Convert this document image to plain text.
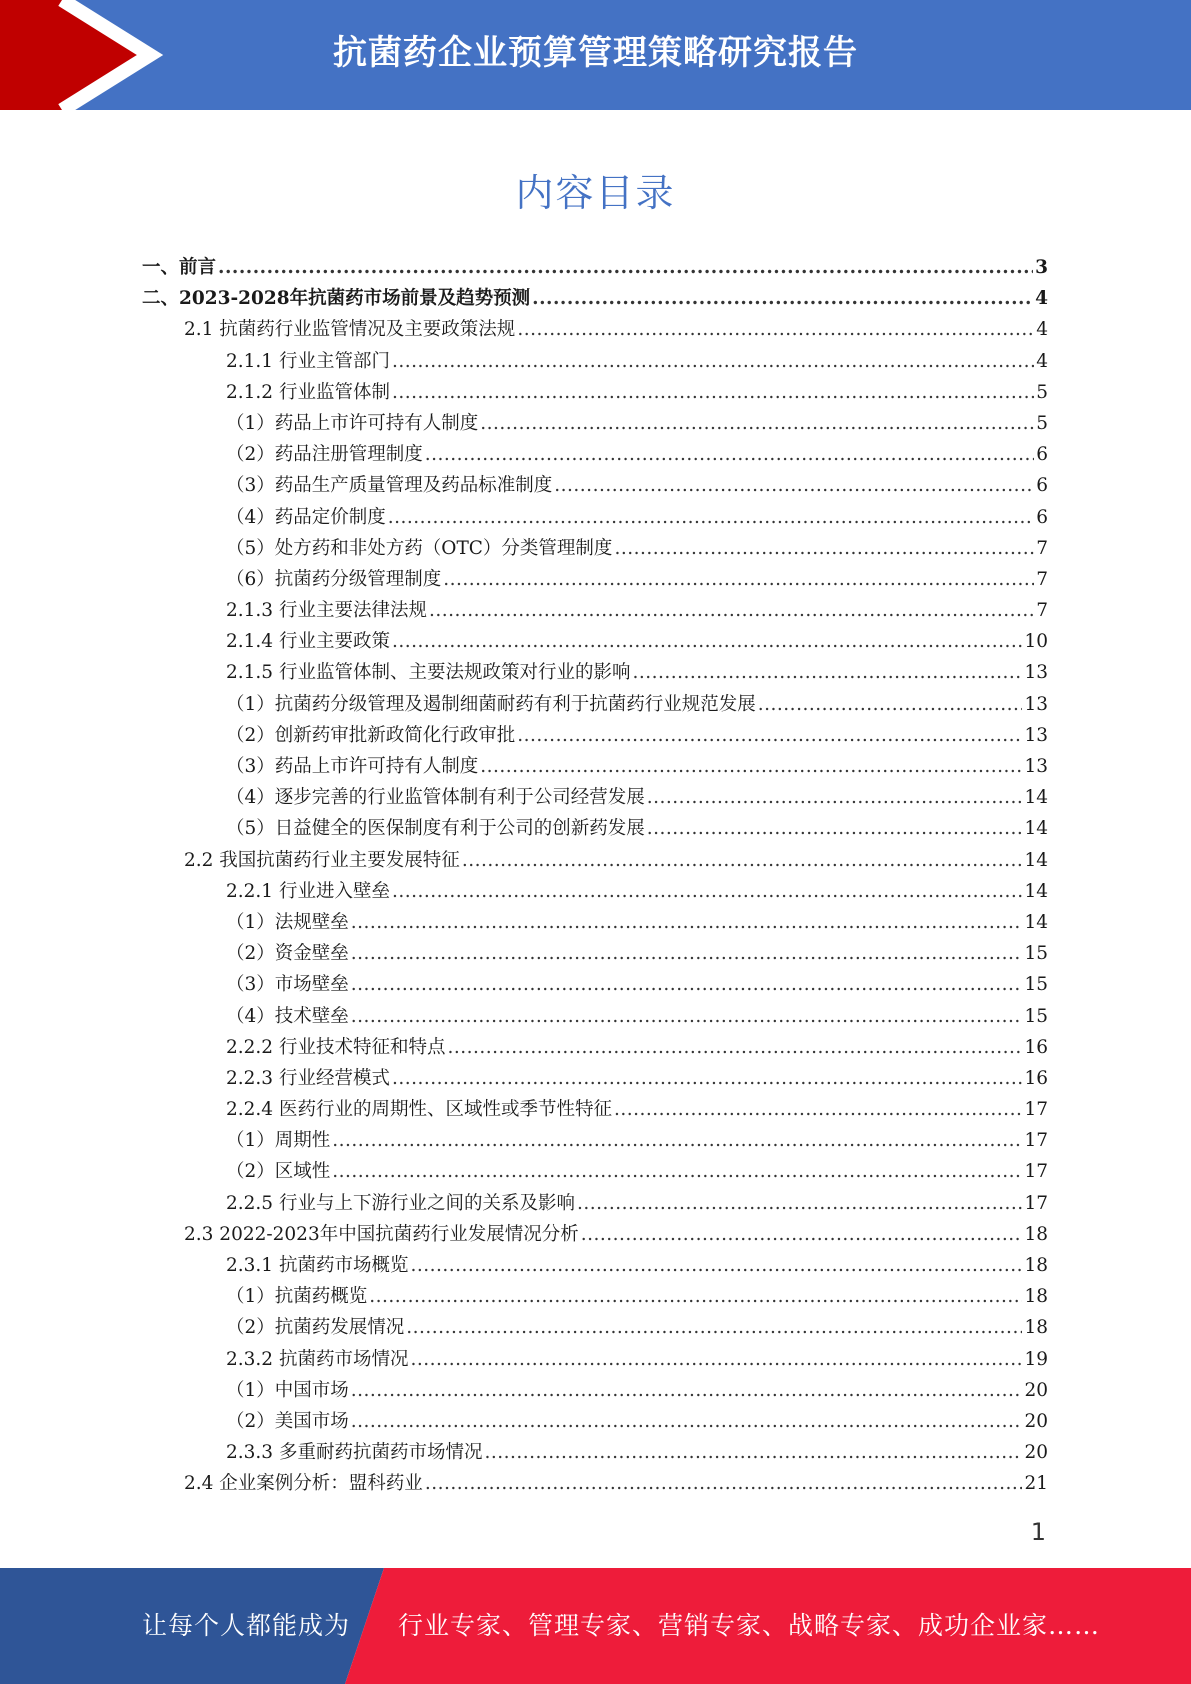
抗菌药企业预算管理策略研究报告
内容目录
一、前言 .....	3
二、2023-2028年抗菌药市场前景及趋势预测 .....	4
2.1 抗菌药行业监管情况及主要政策法规 .....	4
2.1.1 行业主管部门 .....	4
2.1.2 行业监管体制 .....	5
（1）药品上市许可持有人制度 .....	5
（2）药品注册管理制度 .....	6
（3）药品生产质量管理及药品标准制度 .....	6
（4）药品定价制度 .....	6
（5）处方药和非处方药（OTC）分类管理制度 .....	7
（6）抗菌药分级管理制度 .....	7
2.1.3 行业主要法律法规 .....	7
2.1.4 行业主要政策 .....	10
2.1.5 行业监管体制、主要法规政策对行业的影响 .....	13
（1）抗菌药分级管理及遏制细菌耐药有利于抗菌药行业规范发展 .....	13
（2）创新药审批新政简化行政审批 .....	13
（3）药品上市许可持有人制度 .....	13
（4）逐步完善的行业监管体制有利于公司经营发展 .....	14
（5）日益健全的医保制度有利于公司的创新药发展 .....	14
2.2 我国抗菌药行业主要发展特征 .....	14
2.2.1 行业进入壁垒 .....	14
（1）法规壁垒 .....	14
（2）资金壁垒 .....	15
（3）市场壁垒 .....	15
（4）技术壁垒 .....	15
2.2.2 行业技术特征和特点 .....	16
2.2.3 行业经营模式 .....	16
2.2.4 医药行业的周期性、区域性或季节性特征 .....	17
（1）周期性 .....	17
（2）区域性 .....	17
2.2.5 行业与上下游行业之间的关系及影响 .....	17
2.3 2022-2023年中国抗菌药行业发展情况分析 .....	18
2.3.1 抗菌药市场概览 .....	18
（1）抗菌药概览 .....	18
（2）抗菌药发展情况 .....	18
2.3.2 抗菌药市场情况 .....	19
（1）中国市场 .....	20
（2）美国市场 .....	20
2.3.3 多重耐药抗菌药市场情况 .....	20
2.4 企业案例分析：盟科药业 .....	21
1
让每个人都能成为 行业专家、管理专家、营销专家、战略专家、成功企业家……
